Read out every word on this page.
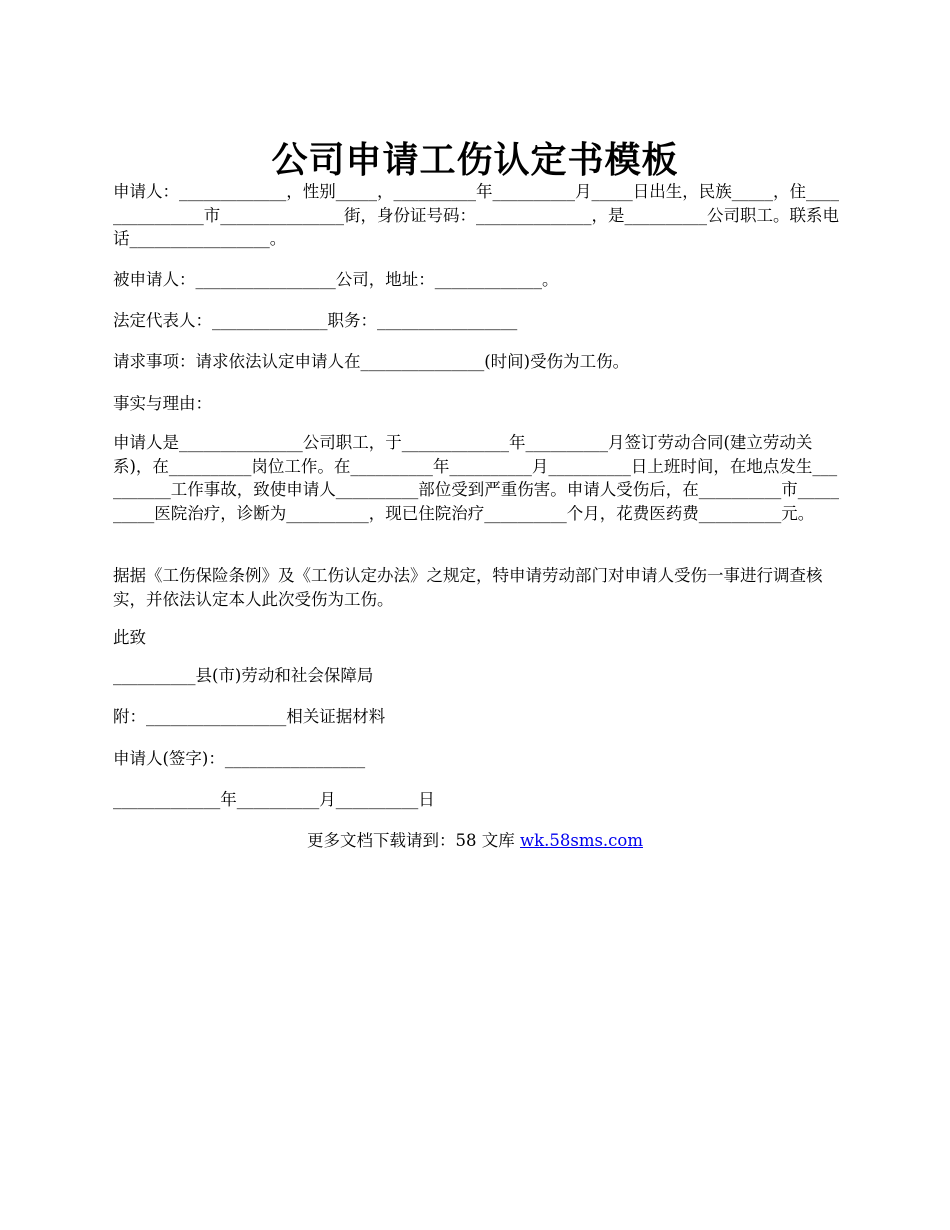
公司申请工伤认定书模板

申请人：_____________，性别_____，__________年__________月_____日出生，民族_____，住_______________市_______________街，身份证号码：______________，是__________公司职工。联系电话_________________。

被申请人：_________________公司，地址：_____________。

法定代表人：______________职务：_________________

请求事项：请求依法认定申请人在_______________(时间)受伤为工伤。

事实与理由：

申请人是_______________公司职工，于_____________年__________月签订劳动合同(建立劳动关系)，在__________岗位工作。在__________年__________月__________日上班时间，在地点发生__________工作事故，致使申请人__________部位受到严重伤害。申请人受伤后，在__________市__________医院治疗，诊断为__________，现已住院治疗__________个月，花费医药费__________元。

据据《工伤保险条例》及《工伤认定办法》之规定，特申请劳动部门对申请人受伤一事进行调查核实，并依法认定本人此次受伤为工伤。

此致

__________县(市)劳动和社会保障局

附：_________________相关证据材料

申请人(签字)：_________________

_____________年__________月__________日

更多文档下载请到：58 文库 wk.58sms.com
